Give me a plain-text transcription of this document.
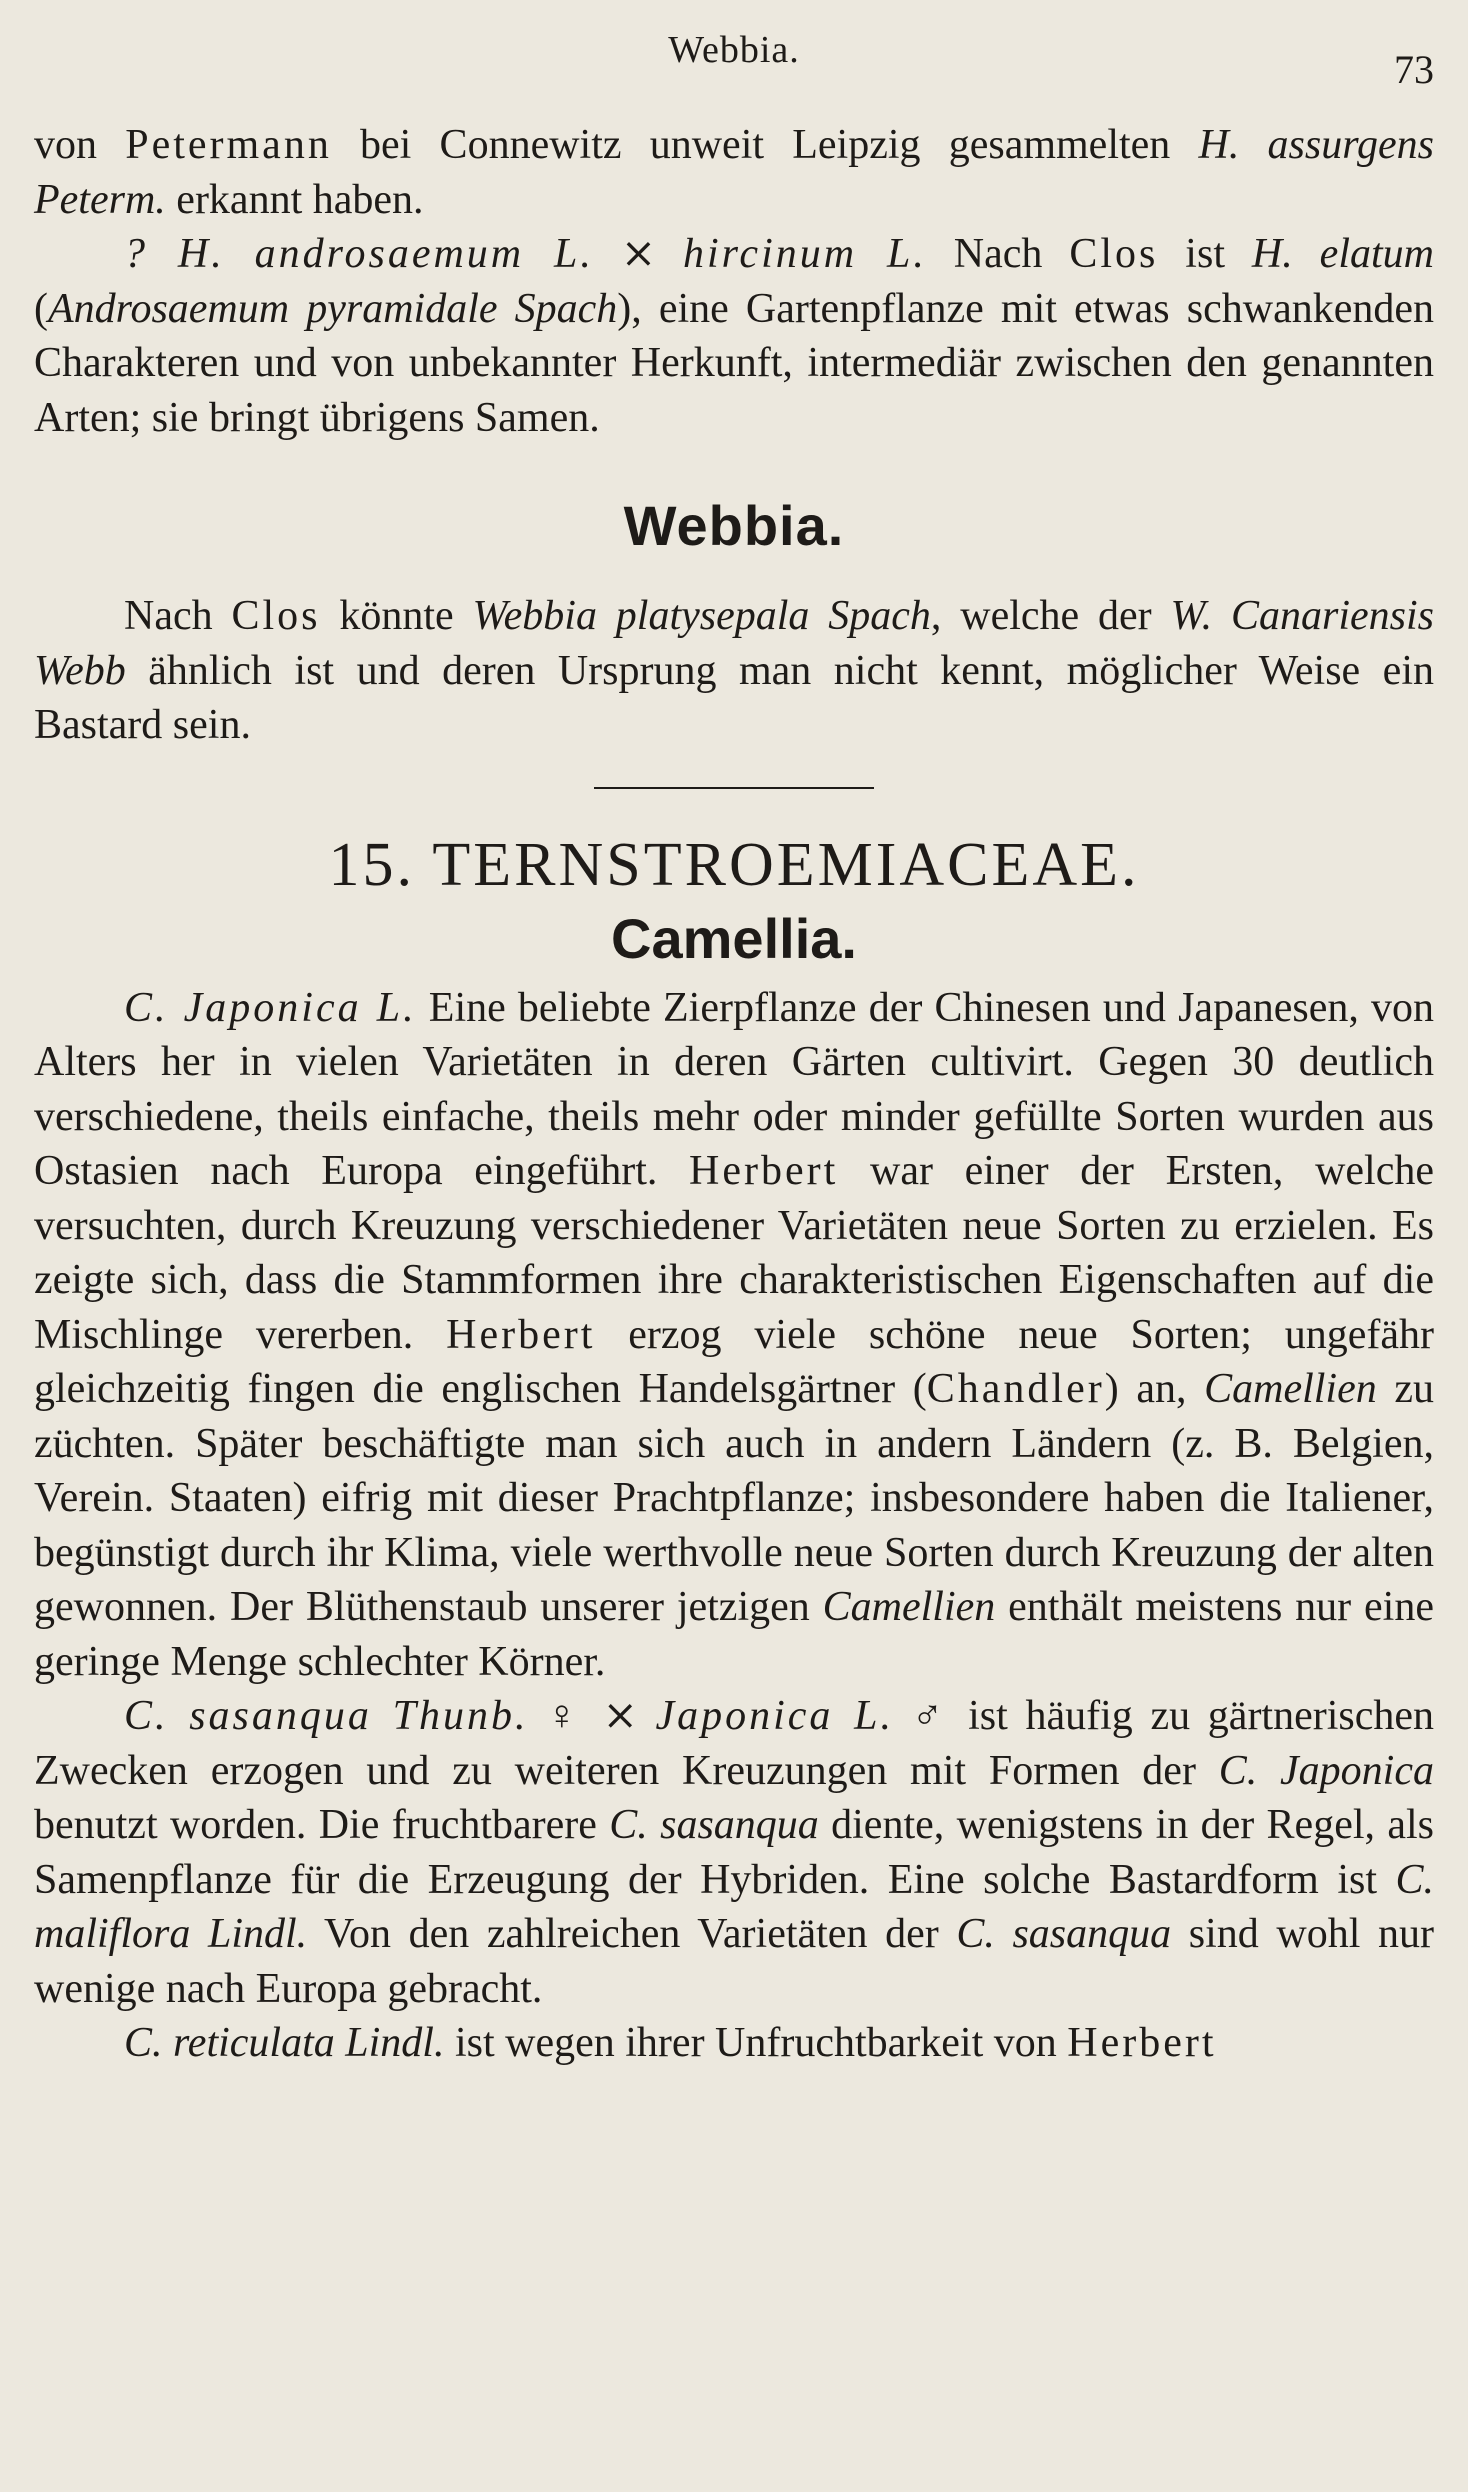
Webbia.	73

von Petermann bei Connewitz unweit Leipzig gesammelten H. assurgens Peterm. erkannt haben.

? H. androsaemum L. ⨯ hircinum L. Nach Clos ist H. elatum (Androsaemum pyramidale Spach), eine Gartenpflanze mit etwas schwankenden Charakteren und von unbekannter Herkunft, intermediär zwischen den genannten Arten; sie bringt übrigens Samen.

Webbia.

Nach Clos könnte Webbia platysepala Spach, welche der W. Canariensis Webb ähnlich ist und deren Ursprung man nicht kennt, möglicher Weise ein Bastard sein.

15. TERNSTROEMIACEAE.
Camellia.

C. Japonica L. Eine beliebte Zierpflanze der Chinesen und Japanesen, von Alters her in vielen Varietäten in deren Gärten cultivirt. Gegen 30 deutlich verschiedene, theils einfache, theils mehr oder minder gefüllte Sorten wurden aus Ostasien nach Europa eingeführt. Herbert war einer der Ersten, welche versuchten, durch Kreuzung verschiedener Varietäten neue Sorten zu erzielen. Es zeigte sich, dass die Stammformen ihre charakteristischen Eigenschaften auf die Mischlinge vererben. Herbert erzog viele schöne neue Sorten; ungefähr gleichzeitig fingen die englischen Handelsgärtner (Chandler) an, Camellien zu züchten. Später beschäftigte man sich auch in andern Ländern (z. B. Belgien, Verein. Staaten) eifrig mit dieser Prachtpflanze; insbesondere haben die Italiener, begünstigt durch ihr Klima, viele werthvolle neue Sorten durch Kreuzung der alten gewonnen. Der Blüthenstaub unserer jetzigen Camellien enthält meistens nur eine geringe Menge schlechter Körner.

C. sasanqua Thunb. ♀ ⨯ Japonica L. ♂ ist häufig zu gärtnerischen Zwecken erzogen und zu weiteren Kreuzungen mit Formen der C. Japonica benutzt worden. Die fruchtbarere C. sasanqua diente, wenigstens in der Regel, als Samenpflanze für die Erzeugung der Hybriden. Eine solche Bastardform ist C. maliflora Lindl. Von den zahlreichen Varietäten der C. sasanqua sind wohl nur wenige nach Europa gebracht.

C. reticulata Lindl. ist wegen ihrer Unfruchtbarkeit von Herbert
